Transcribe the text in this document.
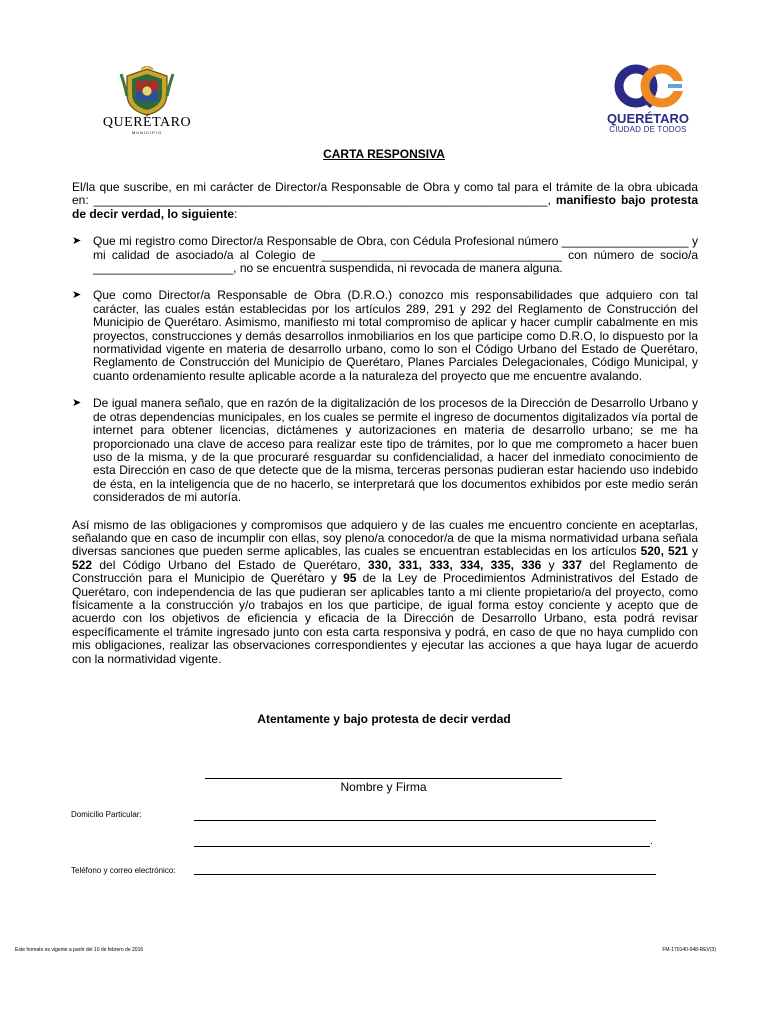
QUERÉTARO
MUNICIPIO
QUERÉTARO
CIUDAD DE TODOS
CARTA RESPONSIVA

El/la que suscribe, en mi carácter de Director/a Responsable de Obra y como tal para el trámite de la obra ubicada en: ____________________________________________________________________, manifiesto bajo protesta de decir verdad, lo siguiente:

➤ Que mi registro como Director/a Responsable de Obra, con Cédula Profesional número ___________________ y mi calidad de asociado/a al Colegio de ____________________________________ con número de socio/a _____________________, no se encuentra suspendida, ni revocada de manera alguna.

➤ Que como Director/a Responsable de Obra (D.R.O.) conozco mis responsabilidades que adquiero con tal carácter, las cuales están establecidas por los artículos 289, 291 y 292 del Reglamento de Construcción del Municipio de Querétaro. Asimismo, manifiesto mi total compromiso de aplicar y hacer cumplir cabalmente en mis proyectos, construcciones y demás desarrollos inmobiliarios en los que participe como D.R.O, lo dispuesto por la normatividad vigente en materia de desarrollo urbano, como lo son el Código Urbano del Estado de Querétaro, Reglamento de Construcción del Municipio de Querétaro, Planes Parciales Delegacionales, Código Municipal, y cuanto ordenamiento resulte aplicable acorde a la naturaleza del proyecto que me encuentre avalando.

➤ De igual manera señalo, que en razón de la digitalización de los procesos de la Dirección de Desarrollo Urbano y de otras dependencias municipales, en los cuales se permite el ingreso de documentos digitalizados vía portal de internet para obtener licencias, dictámenes y autorizaciones en materia de desarrollo urbano; se me ha proporcionado una clave de acceso para realizar este tipo de trámites, por lo que me comprometo a hacer buen uso de la misma, y de la que procuraré resguardar su confidencialidad, a hacer del inmediato conocimiento de esta Dirección en caso de que detecte que de la misma, terceras personas pudieran estar haciendo uso indebido de ésta, en la inteligencia que de no hacerlo, se interpretará que los documentos exhibidos por este medio serán considerados de mi autoría.

Así mismo de las obligaciones y compromisos que adquiero y de las cuales me encuentro conciente en aceptarlas, señalando que en caso de incumplir con ellas, soy pleno/a conocedor/a de que la misma normatividad urbana señala diversas sanciones que pueden serme aplicables, las cuales se encuentran establecidas en los artículos 520, 521 y 522 del Código Urbano del Estado de Querétaro, 330, 331, 333, 334, 335, 336 y 337 del Reglamento de Construcción para el Municipio de Querétaro y 95 de la Ley de Procedimientos Administrativos del Estado de Querétaro, con independencia de las que pudieran ser aplicables tanto a mi cliente propietario/a del proyecto, como físicamente a la construcción y/o trabajos en los que participe, de igual forma estoy conciente y acepto que de acuerdo con los objetivos de eficiencia y eficacia de la Dirección de Desarrollo Urbano, esta podrá revisar específicamente el trámite ingresado junto con esta carta responsiva y podrá, en caso de que no haya cumplido con mis obligaciones, realizar las observaciones correspondientes y ejecutar las acciones a que haya lugar de acuerdo con la normatividad vigente.

Atentamente y bajo protesta de decir verdad
Nombre y Firma
Domicilio Particular:
.
Teléfono y correo electrónico:
Este formato es vigente a partir del 10 de febrero de 2016	FM-170140-048-REV(3)
